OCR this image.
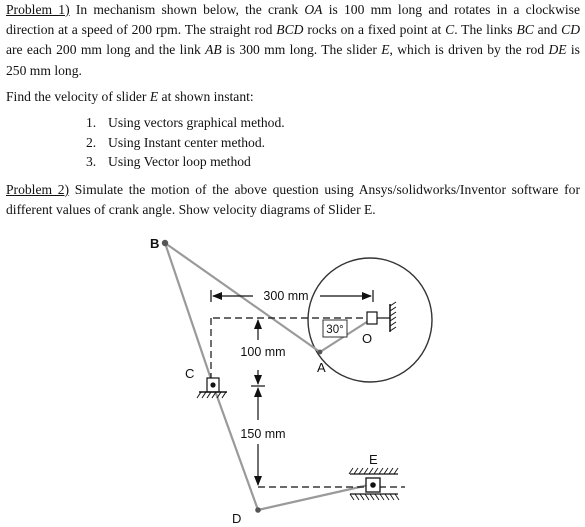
Problem 1) In mechanism shown below, the crank OA is 100 mm long and rotates in a clockwise direction at a speed of 200 rpm. The straight rod BCD rocks on a fixed point at C. The links BC and CD are each 200 mm long and the link AB is 300 mm long. The slider E, which is driven by the rod DE is 250 mm long.

Find the velocity of slider E at shown instant:

1. Using vectors graphical method.
2. Using Instant center method.
3. Using Vector loop method

Problem 2) Simulate the motion of the above question using Ansys/solidworks/Inventor software for different values of crank angle. Show velocity diagrams of Slider E.

300 mm
100 mm
150 mm
30°
B
C	A
O
D
E
